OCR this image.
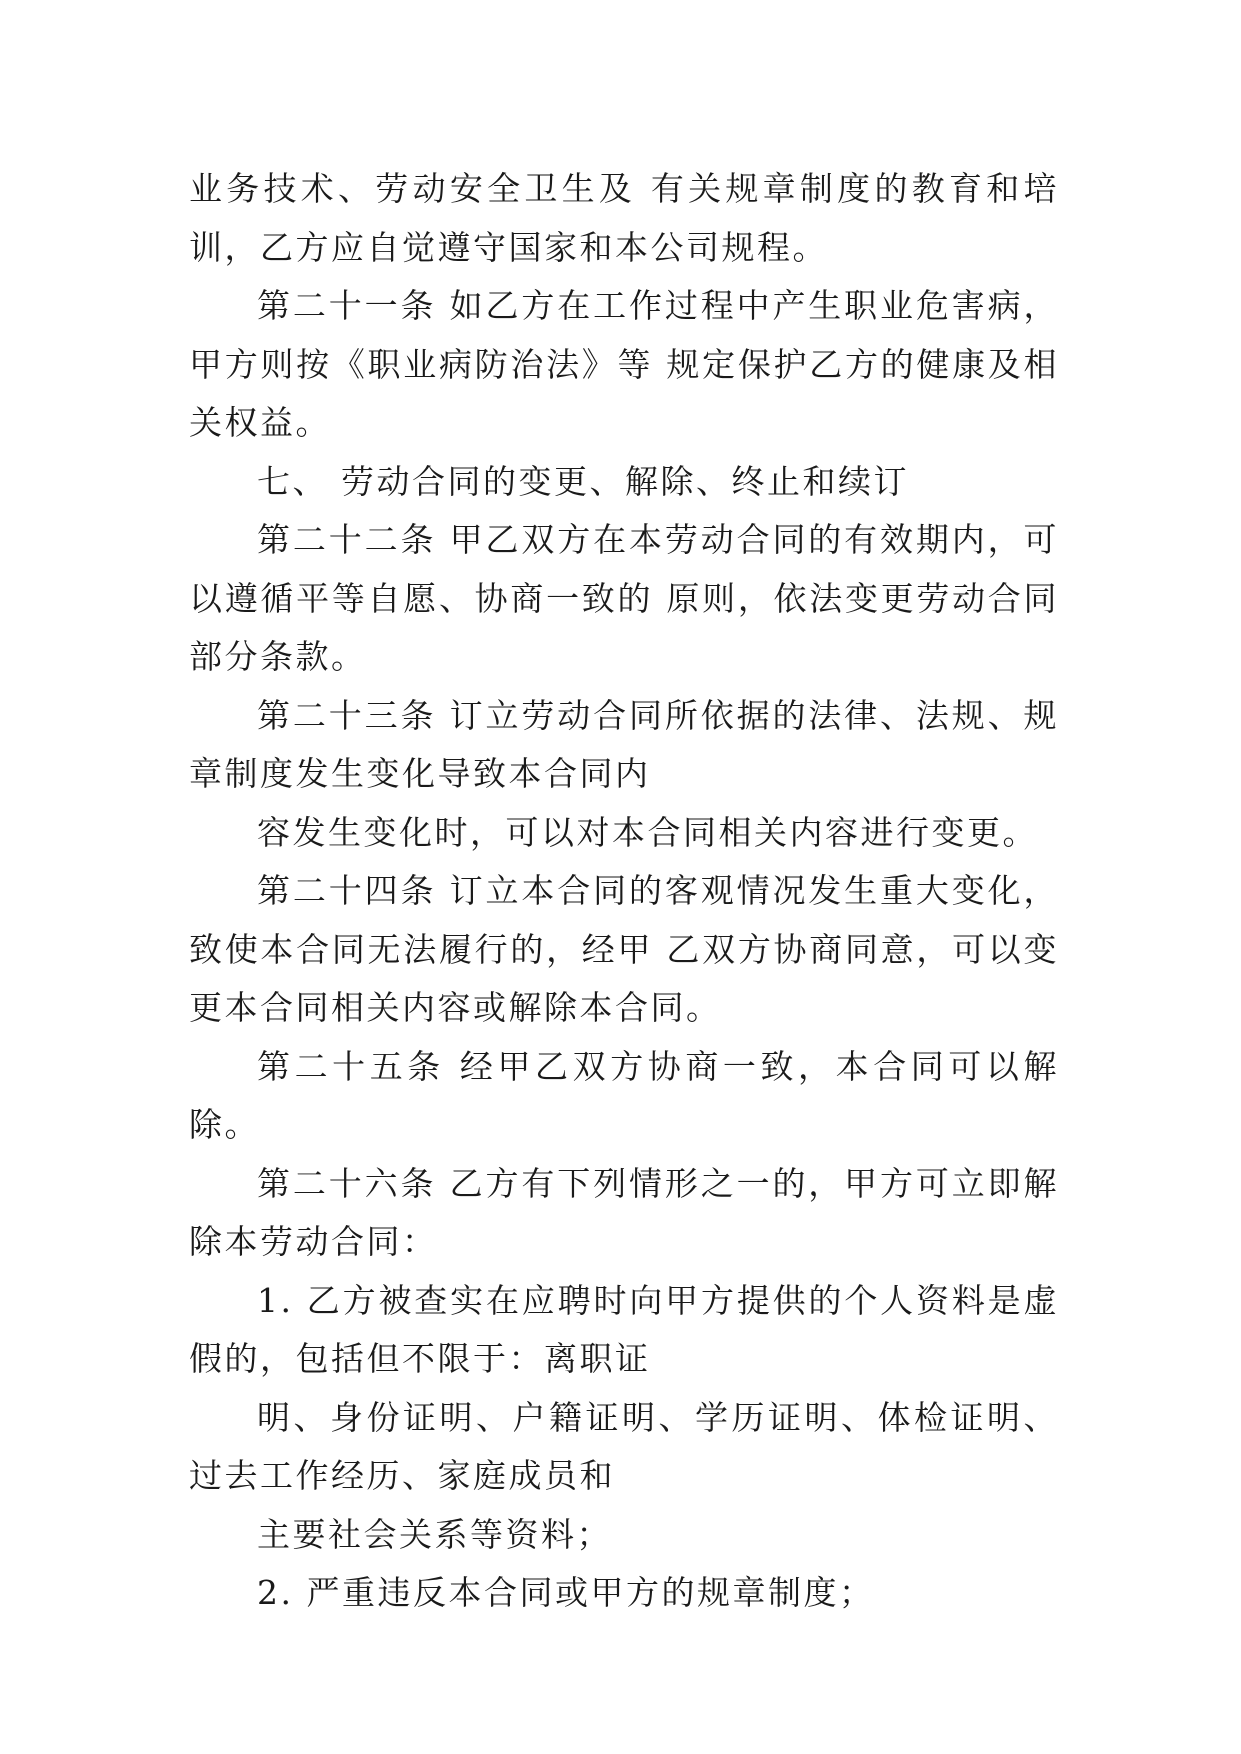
业务技术、劳动安全卫生及 有关规章制度的教育和培训，乙方应自觉遵守国家和本公司规程。

第二十一条 如乙方在工作过程中产生职业危害病，甲方则按《职业病防治法》等 规定保护乙方的健康及相关权益。

七、 劳动合同的变更、解除、终止和续订

第二十二条 甲乙双方在本劳动合同的有效期内，可以遵循平等自愿、协商一致的 原则，依法变更劳动合同部分条款。

第二十三条 订立劳动合同所依据的法律、法规、规章制度发生变化导致本合同内

容发生变化时，可以对本合同相关内容进行变更。

第二十四条 订立本合同的客观情况发生重大变化，致使本合同无法履行的，经甲 乙双方协商同意，可以变更本合同相关内容或解除本合同。

第二十五条 经甲乙双方协商一致，本合同可以解除。

第二十六条 乙方有下列情形之一的，甲方可立即解除本劳动合同：

1. 乙方被查实在应聘时向甲方提供的个人资料是虚假的，包括但不限于：离职证

明、身份证明、户籍证明、学历证明、体检证明、过去工作经历、家庭成员和

主要社会关系等资料；

2. 严重违反本合同或甲方的规章制度；
